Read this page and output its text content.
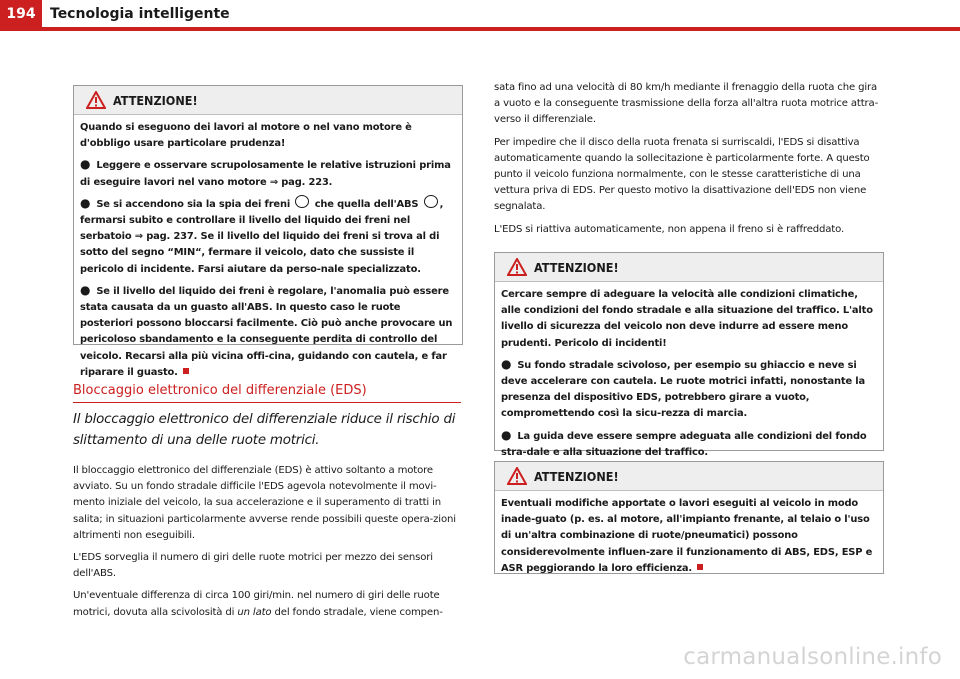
194	Tecnologia intelligente
ATTENZIONE!

Quando si eseguono dei lavori al motore o nel vano motore è d'obbligo usare particolare prudenza!

● Leggere e osservare scrupolosamente le relative istruzioni prima di eseguire lavori nel vano motore ⇒ pag. 223.
● Se si accendono sia la spia dei freni che quella dell'ABS , fermarsi subito e controllare il livello del liquido dei freni nel serbatoio ⇒ pag. 237. Se il livello del liquido dei freni si trova al di sotto del segno “MIN“, fermare il veicolo, dato che sussiste il pericolo di incidente. Farsi aiutare da perso-nale specializzato.
● Se il livello del liquido dei freni è regolare, l'anomalia può essere stata causata da un guasto all'ABS. In questo caso le ruote posteriori possono bloccarsi facilmente. Ciò può anche provocare un pericoloso sbandamento e la conseguente perdita di controllo del veicolo. Recarsi alla più vicina offi-cina, guidando con cautela, e far riparare il guasto.
Bloccaggio elettronico del differenziale (EDS)
Il bloccaggio elettronico del differenziale riduce il rischio di slittamento di una delle ruote motrici.

Il bloccaggio elettronico del differenziale (EDS) è attivo soltanto a motore avviato. Su un fondo stradale difficile l'EDS agevola notevolmente il movi-mento iniziale del veicolo, la sua accelerazione e il superamento di tratti in salita; in situazioni particolarmente avverse rende possibili queste opera-zioni altrimenti non eseguibili.

L'EDS sorveglia il numero di giri delle ruote motrici per mezzo dei sensori dell'ABS.

Un'eventuale differenza di circa 100 giri/min. nel numero di giri delle ruote motrici, dovuta alla scivolosità di un lato del fondo stradale, viene compen-

sata fino ad una velocità di 80 km/h mediante il frenaggio della ruota che gira a vuoto e la conseguente trasmissione della forza all'altra ruota motrice attra-verso il differenziale.

Per impedire che il disco della ruota frenata si surriscaldi, l'EDS si disattiva automaticamente quando la sollecitazione è particolarmente forte. A questo punto il veicolo funziona normalmente, con le stesse caratteristiche di una vettura priva di EDS. Per questo motivo la disattivazione dell'EDS non viene segnalata.

L'EDS si riattiva automaticamente, non appena il freno si è raffreddato.

ATTENZIONE!

Cercare sempre di adeguare la velocità alle condizioni climatiche, alle condizioni del fondo stradale e alla situazione del traffico. L'alto livello di sicurezza del veicolo non deve indurre ad essere meno prudenti. Pericolo di incidenti!

● Su fondo stradale scivoloso, per esempio su ghiaccio e neve si deve accelerare con cautela. Le ruote motrici infatti, nonostante la presenza del dispositivo EDS, potrebbero girare a vuoto, compromettendo così la sicu-rezza di marcia.
● La guida deve essere sempre adeguata alle condizioni del fondo stra-dale e alla situazione del traffico.
ATTENZIONE!

Eventuali modifiche apportate o lavori eseguiti al veicolo in modo inade-guato (p. es. al motore, all'impianto frenante, al telaio o l'uso di un'altra combinazione di ruote/pneumatici) possono considerevolmente influen-zare il funzionamento di ABS, EDS, ESP e ASR peggiorando la loro efficienza.

carmanualsonline.info
